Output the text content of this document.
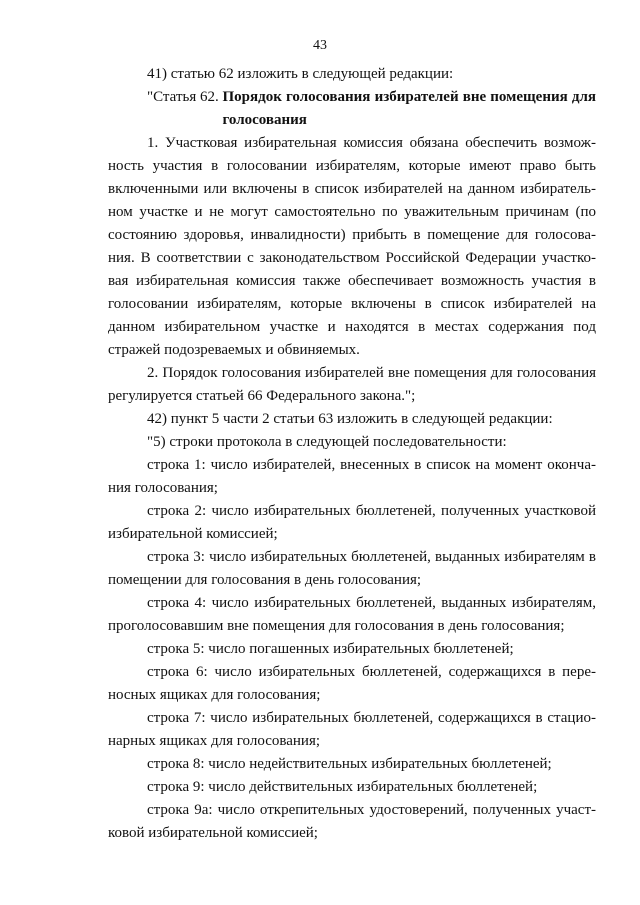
43

41) статью 62 изложить в следующей редакции:

"Статья 62. Порядок голосования избирателей вне помещения для голосования

1. Участковая избирательная комиссия обязана обеспечить возможность участия в голосовании избирателям, которые имеют право быть включенными или включены в список избирателей на данном избирательном участке и не могут самостоятельно по уважительным причинам (по состоянию здоровья, инвалидности) прибыть в помещение для голосования. В соответствии с законодательством Российской Федерации участковая избирательная комиссия также обеспечивает возможность участия в голосовании избирателям, которые включены в список избирателей на данном избирательном участке и находятся в местах содержания под стражей подозреваемых и обвиняемых.

2. Порядок голосования избирателей вне помещения для голосования регулируется статьей 66 Федерального закона.";

42) пункт 5 части 2 статьи 63 изложить в следующей редакции:

"5) строки протокола в следующей последовательности:

строка 1: число избирателей, внесенных в список на момент окончания голосования;

строка 2: число избирательных бюллетеней, полученных участковой избирательной комиссией;

строка 3: число избирательных бюллетеней, выданных избирателям в помещении для голосования в день голосования;

строка 4: число избирательных бюллетеней, выданных избирателям, проголосовавшим вне помещения для голосования в день голосования;

строка 5: число погашенных избирательных бюллетеней;

строка 6: число избирательных бюллетеней, содержащихся в переносных ящиках для голосования;

строка 7: число избирательных бюллетеней, содержащихся в стационарных ящиках для голосования;

строка 8: число недействительных избирательных бюллетеней;

строка 9: число действительных избирательных бюллетеней;

строка 9а: число открепительных удостоверений, полученных участковой избирательной комиссией;
